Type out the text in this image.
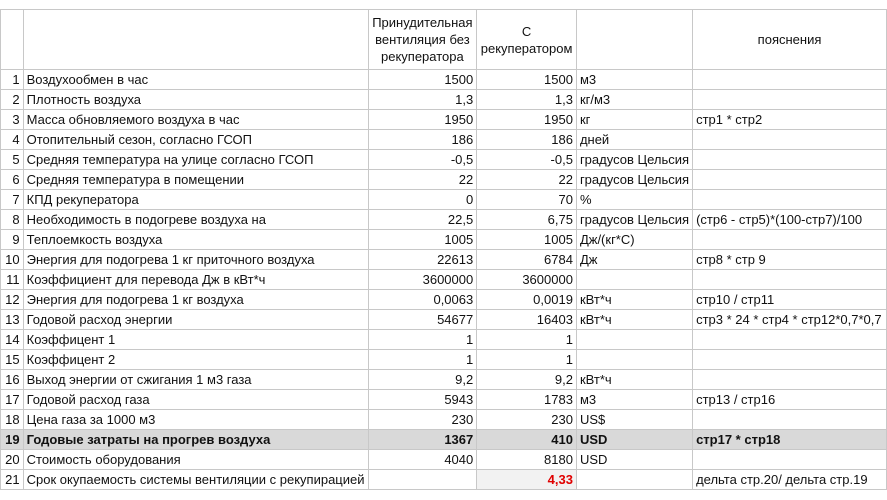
		Принудительная вентиляция без рекуператора	С рекуператором		пояснения
1	Воздухообмен в час	1500	1500	м3	
2	Плотность воздуха	1,3	1,3	кг/м3	
3	Масса обновляемого воздуха в час	1950	1950	кг	стр1 * стр2
4	Отопительный сезон, согласно ГСОП	186	186	дней	
5	Средняя температура на улице согласно ГСОП	-0,5	-0,5	градусов Цельсия	
6	Средняя температура в помещении	22	22	градусов Цельсия	
7	КПД рекуператора	0	70	%	
8	Необходимость в подогреве воздуха на	22,5	6,75	градусов Цельсия	(стр6 - стр5)*(100-стр7)/100
9	Теплоемкость воздуха	1005	1005	Дж/(кг*С)	
10	Энергия для подогрева 1 кг приточного воздуха	22613	6784	Дж	стр8 * стр 9
11	Коэффициент для перевода Дж в кВт*ч	3600000	3600000		
12	Энергия для подогрева 1 кг воздуха	0,0063	0,0019	кВт*ч	стр10 / стр11
13	Годовой расход энергии	54677	16403	кВт*ч	стр3 * 24 * стр4 * стр12*0,7*0,7
14	Коэффицент 1	1	1		
15	Коэффицент 2	1	1		
16	Выход энергии от сжигания 1 м3 газа	9,2	9,2	кВт*ч	
17	Годовой расход газа	5943	1783	м3	стр13 / стр16
18	Цена газа за 1000 м3	230	230	US$	
19	Годовые затраты на прогрев воздуха	1367	410	USD	стр17 * стр18
20	Стоимость оборудования	4040	8180	USD	
21	Срок окупаемость системы вентиляции с рекупирацией		4,33		дельта стр.20/ дельта стр.19
